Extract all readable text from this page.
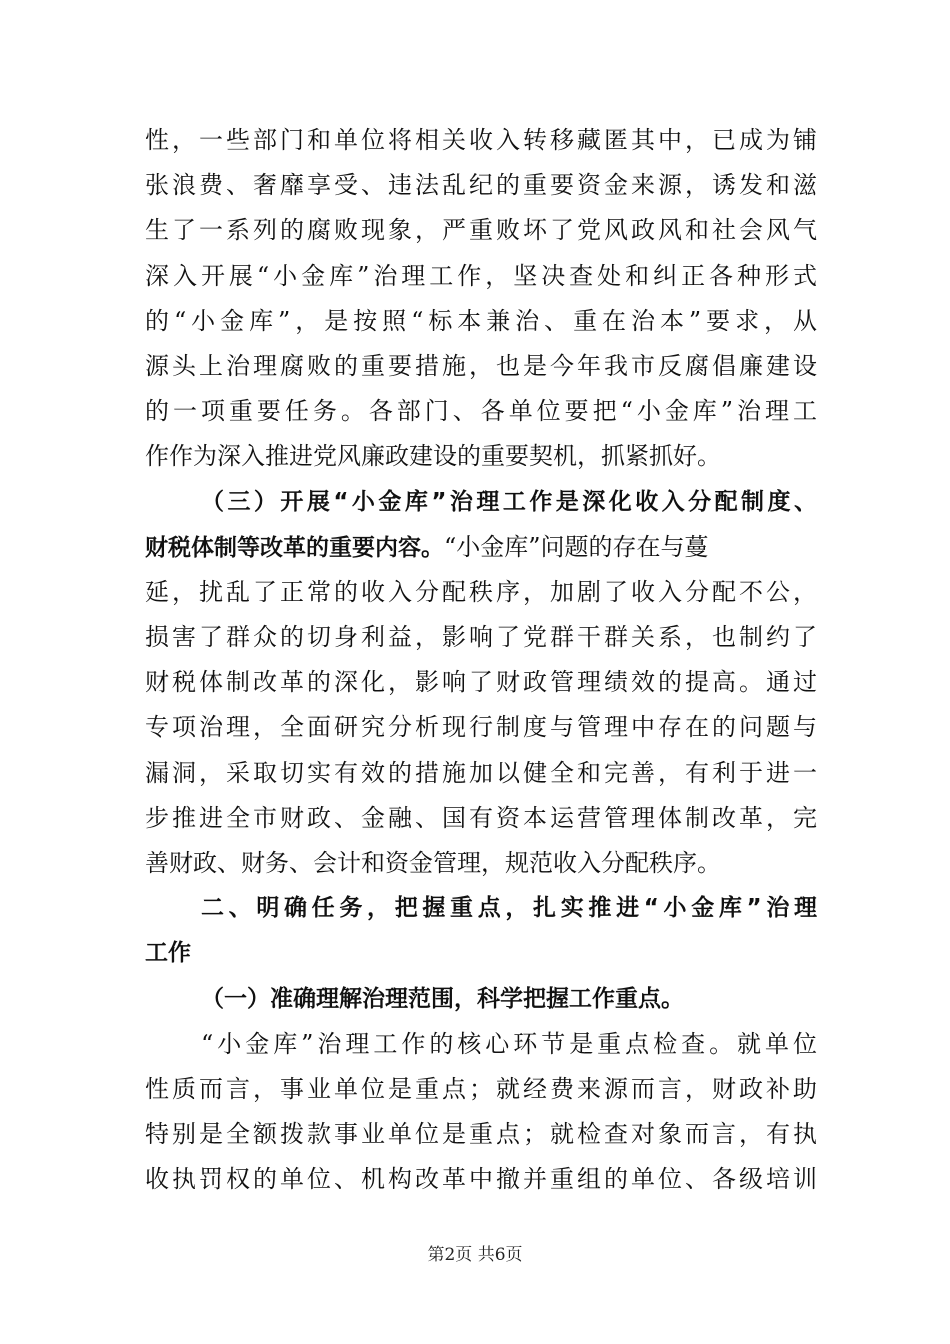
性，一些部门和单位将相关收入转移藏匿其中，已成为铺
张浪费、奢靡享受、违法乱纪的重要资金来源，诱发和滋
生了一系列的腐败现象，严重败坏了党风政风和社会风气
深入开展“小金库”治理工作，坚决查处和纠正各种形式
的“小金库”，是按照“标本兼治、重在治本”要求，从
源头上治理腐败的重要措施，也是今年我市反腐倡廉建设
的一项重要任务。各部门、各单位要把“小金库”治理工
作作为深入推进党风廉政建设的重要契机，抓紧抓好。
（三）开展“小金库”治理工作是深化收入分配制度、
财税体制等改革的重要内容。“小金库”问题的存在与蔓
延，扰乱了正常的收入分配秩序，加剧了收入分配不公，
损害了群众的切身利益，影响了党群干群关系，也制约了
财税体制改革的深化，影响了财政管理绩效的提高。通过
专项治理，全面研究分析现行制度与管理中存在的问题与
漏洞，采取切实有效的措施加以健全和完善，有利于进一
步推进全市财政、金融、国有资本运营管理体制改革，完
善财政、财务、会计和资金管理，规范收入分配秩序。
二、明确任务，把握重点，扎实推进“小金库”治理
工作
（一）准确理解治理范围，科学把握工作重点。
“小金库”治理工作的核心环节是重点检查。就单位
性质而言，事业单位是重点；就经费来源而言，财政补助
特别是全额拨款事业单位是重点；就检查对象而言，有执
收执罚权的单位、机构改革中撤并重组的单位、各级培训
第2页 共6页
